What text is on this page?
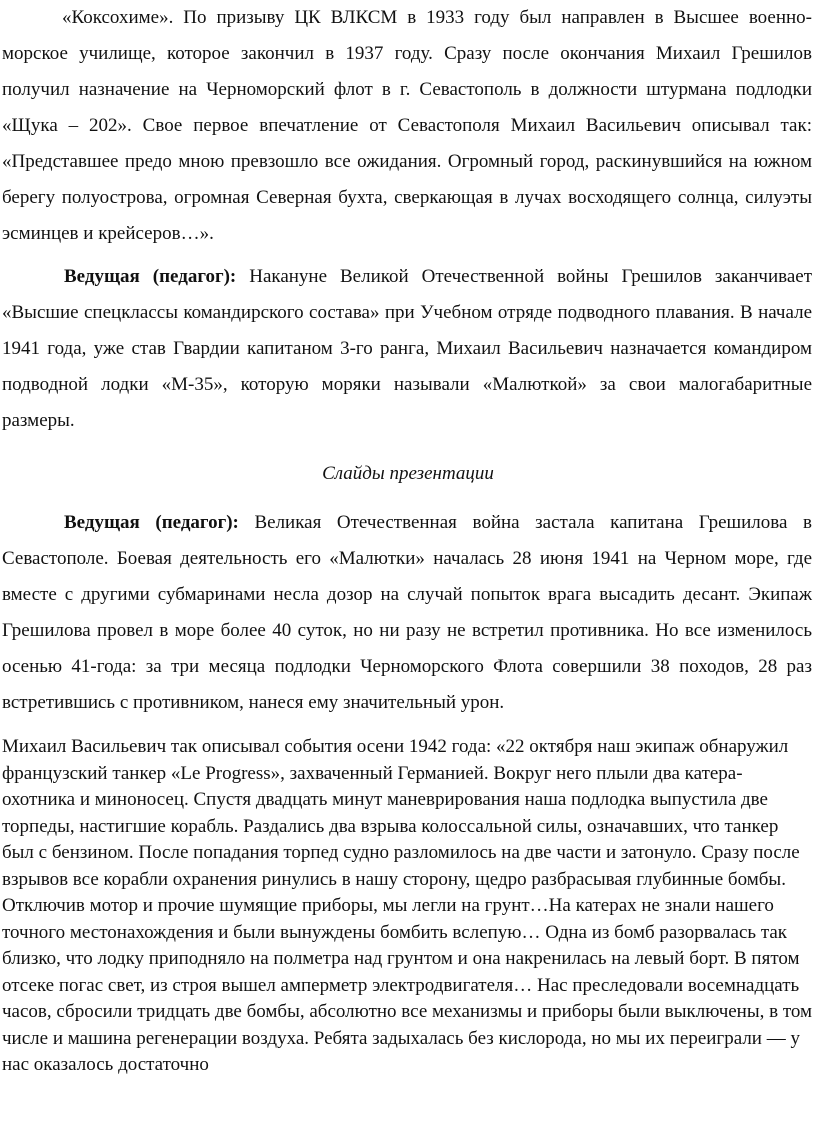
«Коксохиме». По призыву ЦК ВЛКСМ в 1933 году был направлен в Высшее военно-морское училище, которое закончил в 1937 году. Сразу после окончания Михаил Грешилов получил назначение на Черноморский флот в г. Севастополь в должности штурмана подлодки «Щука – 202». Свое первое впечатление от Севастополя Михаил Васильевич описывал так: «Представшее предо мною превзошло все ожидания. Огромный город, раскинувшийся на южном берегу полуострова, огромная Северная бухта, сверкающая в лучах восходящего солнца, силуэты эсминцев и крейсеров…».

Ведущая (педагог): Накануне Великой Отечественной войны Грешилов заканчивает «Высшие спецклассы командирского состава» при Учебном отряде подводного плавания. В начале 1941 года, уже став Гвардии капитаном 3-го ранга, Михаил Васильевич назначается командиром подводной лодки «М-35», которую моряки называли «Малюткой» за свои малогабаритные размеры.

Слайды презентации

Ведущая (педагог): Великая Отечественная война застала капитана Грешилова в Севастополе. Боевая деятельность его «Малютки» началась 28 июня 1941 на Черном море, где вместе с другими субмаринами несла дозор на случай попыток врага высадить десант. Экипаж Грешилова провел в море более 40 суток, но ни разу не встретил противника. Но все изменилось осенью 41-года: за три месяца подлодки Черноморского Флота совершили 38 походов, 28 раз встретившись с противником, нанеся ему значительный урон.

Михаил Васильевич так описывал события осени 1942 года: «22 октября наш экипаж обнаружил французский танкер «Le Progress», захваченный Германией. Вокруг него плыли два катера-охотника и миноносец. Спустя двадцать минут маневрирования наша подлодка выпустила две торпеды, настигшие корабль. Раздались два взрыва колоссальной силы, означавших, что танкер был с бензином. После попадания торпед судно разломилось на две части и затонуло. Сразу после взрывов все корабли охранения ринулись в нашу сторону, щедро разбрасывая глубинные бомбы. Отключив мотор и прочие шумящие приборы, мы легли на грунт…На катерах не знали нашего точного местонахождения и были вынуждены бомбить вслепую… Одна из бомб разорвалась так близко, что лодку приподняло на полметра над грунтом и она накренилась на левый борт. В пятом отсеке погас свет, из строя вышел амперметр электродвигателя… Нас преследовали восемнадцать часов, сбросили тридцать две бомбы, абсолютно все механизмы и приборы были выключены, в том числе и машина регенерации воздуха. Ребята задыхалась без кислорода, но мы их переиграли — у нас оказалось достаточно
